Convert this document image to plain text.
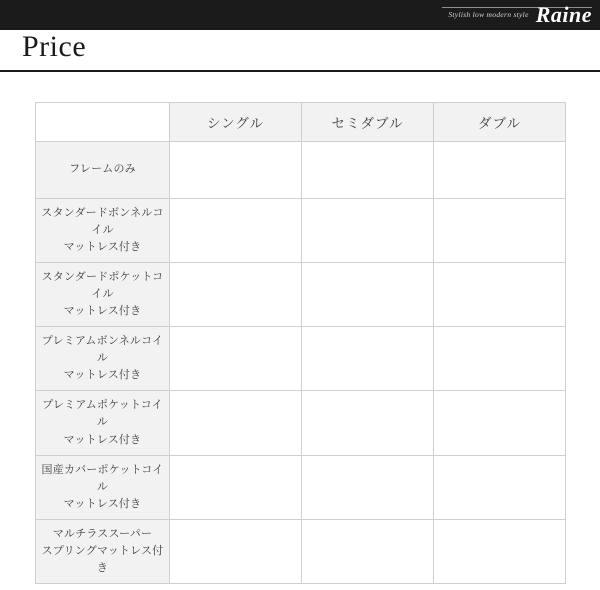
Stylish low modern style Raine
Price
	シングル	セミダブル	ダブル

フレームのみ			

スタンダードボンネルコイル
マットレス付き			

スタンダードポケットコイル
マットレス付き			

プレミアムボンネルコイル
マットレス付き			

プレミアムポケットコイル
マットレス付き			

国産カバーポケットコイル
マットレス付き			

マルチラススーパー
スプリングマットレス付き			
